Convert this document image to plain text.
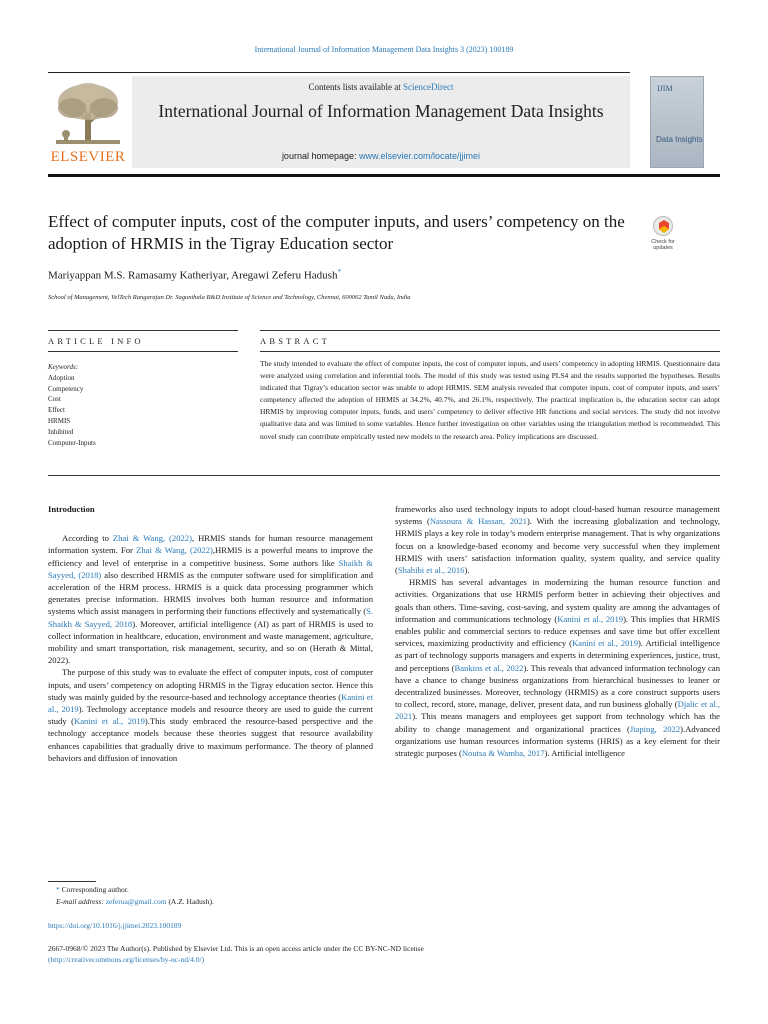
International Journal of Information Management Data Insights 3 (2023) 100189
ELSEVIER
Contents lists available at ScienceDirect
International Journal of Information Management Data Insights
journal homepage: www.elsevier.com/locate/jjimei
IJIM
Data Insights
Effect of computer inputs, cost of the computer inputs, and users’ competency on the adoption of HRMIS in the Tigray Education sector	Check for updates
Mariyappan M.S. Ramasamy Katheriyar, Aregawi Zeferu Hadush*
School of Management, VelTech Rangarajan Dr. Sagunthala R&D Institute of Science and Technology, Chennai, 600062 Tamil Nadu, India
ARTICLE INFO	ABSTRACT
Keywords:
Adoption
Competency
Cost
Effect
HRMIS
Inhibited
Computer-Inputs
The study intended to evaluate the effect of computer inputs, the cost of computer inputs, and users’ competency in adopting HRMIS. Questionnaire data were analyzed using correlation and inferential tools. The model of this study was tested using PLS4 and the results supported the hypotheses. Results indicated that Tigray’s education sector was unable to adopt HRMIS. SEM analysis revealed that computer inputs, cost of computer inputs, and users’ competency affected the adoption of HRMIS at 34.2%, 40.7%, and 26.1%, respectively. The practical implication is, the education sector can adopt HRMIS by improving computer inputs, funds, and users’ competency to deliver effective HR functions and social services. The study did not involve qualitative data and was limited to some variables. Hence further investigation on other variables using the triangulation method is recommended. This novel study can contribute empirically tested new models to the research area. Policy implications are discussed.
Introduction

According to Zhai & Wang, (2022), HRMIS stands for human resource management information system. For Zhai & Wang, (2022),HRMIS is a powerful means to improve the efficiency and level of enterprise in a competitive business. Some authors like Shaikh & Sayyed, (2018) also described HRMIS as the computer software used for simplification and acceleration of the HRM process. HRMIS is a quick data processing programmer which generates precise information. HRMIS involves both human resource and information systems which assist managers in performing their functions effectively and systematically (S. Shaikh & Sayyed, 2018). Moreover, artificial intelligence (AI) as part of HRMIS is used to collect information in healthcare, education, environment and waste management, agriculture, mobility and smart transportation, risk management, security, and so on (Herath & Mittal, 2022).

The purpose of this study was to evaluate the effect of computer inputs, cost of computer inputs, and users’ competency on adopting HRMIS in the Tigray education sector. Hence this study was mainly guided by the resource-based and technology acceptance theories (Kanini et al., 2019). Technology acceptance models and resource theory are used to guide the current study (Kanini et al., 2019).This study embraced the resource-based perspective and the technology acceptance models because these theories suggest that resource availability enhances capabilities that gradually drive to maximum performance. The theory of planned behaviors and diffusion of innovation

frameworks also used technology inputs to adopt cloud-based human resource management systems (Nassoura & Hassan, 2021). With the increasing globalization and technology, HRMIS plays a key role in today’s modern enterprise management. That is why organizations focus on a knowledge-based economy and become very successful when they implement HRMIS with users’ satisfaction information quality, system quality, and service quality (Shahibi et al., 2016).

HRMIS has several advantages in modernizing the human resource function and activities. Organizations that use HRMIS perform better in achieving their objectives and goals than others. Time-saving, cost-saving, and system quality are among the advantages of information and communications technology (Kanini et al., 2019). This implies that HRMIS enables public and commercial sectors to reduce expenses and save time but offer excellent services, maximizing productivity and efficiency (Kanini et al., 2019). Artificial intelligence as part of technology supports managers and experts in determining experiences, justice, trust, and perceptions (Bankins et al., 2022). This reveals that advanced information technology can have a chance to change business organizations from hierarchical businesses to leaner or decentralized businesses. Moreover, technology (HRMIS) as a core construct supports users to collect, record, store, manage, deliver, present data, and run business globally (Djalic et al., 2021). This means managers and employees get support from technology which has the ability to change management and organizational practices (Jiaping, 2022).Advanced organizations use human resources information systems (HRIS) as a key element for their strategic purposes (Noutsa & Wamba, 2017). Artificial intelligence

* Corresponding author.
E-mail address: zeferua@gmail.com (A.Z. Hadush).
https://doi.org/10.1016/j.jjimei.2023.100189
2667-0968/© 2023 The Author(s). Published by Elsevier Ltd. This is an open access article under the CC BY-NC-ND license
(http://creativecommons.org/licenses/by-nc-nd/4.0/)
